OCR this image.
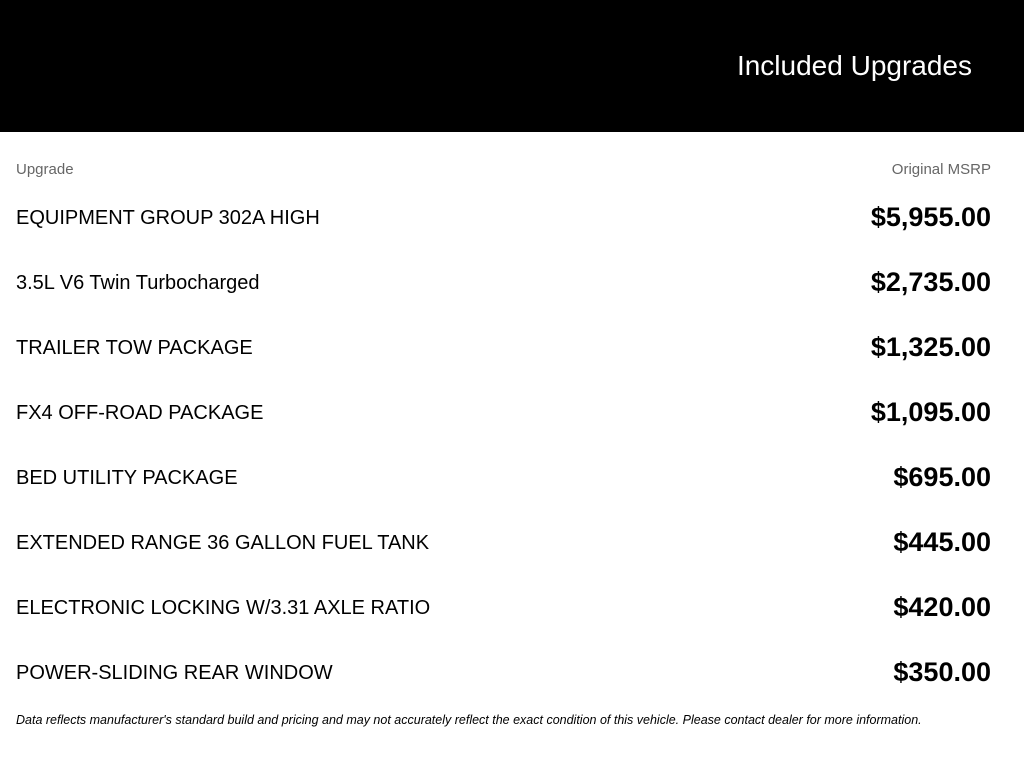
Included Upgrades
Upgrade	Original MSRP
EQUIPMENT GROUP 302A HIGH	$5,955.00
3.5L V6 Twin Turbocharged	$2,735.00
TRAILER TOW PACKAGE	$1,325.00
FX4 OFF-ROAD PACKAGE	$1,095.00
BED UTILITY PACKAGE	$695.00
EXTENDED RANGE 36 GALLON FUEL TANK	$445.00
ELECTRONIC LOCKING W/3.31 AXLE RATIO	$420.00
POWER-SLIDING REAR WINDOW	$350.00
Data reflects manufacturer's standard build and pricing and may not accurately reflect the exact condition of this vehicle. Please contact dealer for more information.
